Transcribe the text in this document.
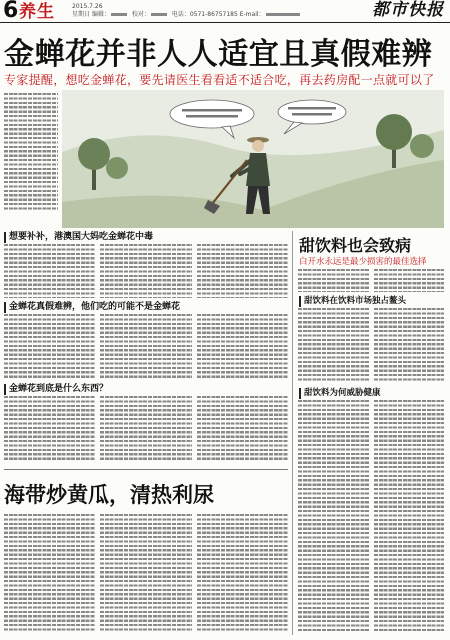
6 养生	2015.7.26
星期日 编辑：	校对：	电话：0571-86757185 E-mail：	都市快报
金蝉花并非人人适宜且真假难辨
专家提醒，想吃金蝉花，要先请医生看看适不适合吃，再去药房配一点就可以了
想要补补，港澳国大妈吃金蝉花中毒
金蝉花真假难辨，他们吃的可能不是金蝉花
金蝉花到底是什么东西？
海带炒黄瓜，清热利尿
甜饮料也会致病
白开水永远是最少损害的最佳选择
甜饮料在饮料市场独占鳌头
甜饮料为何威胁健康
